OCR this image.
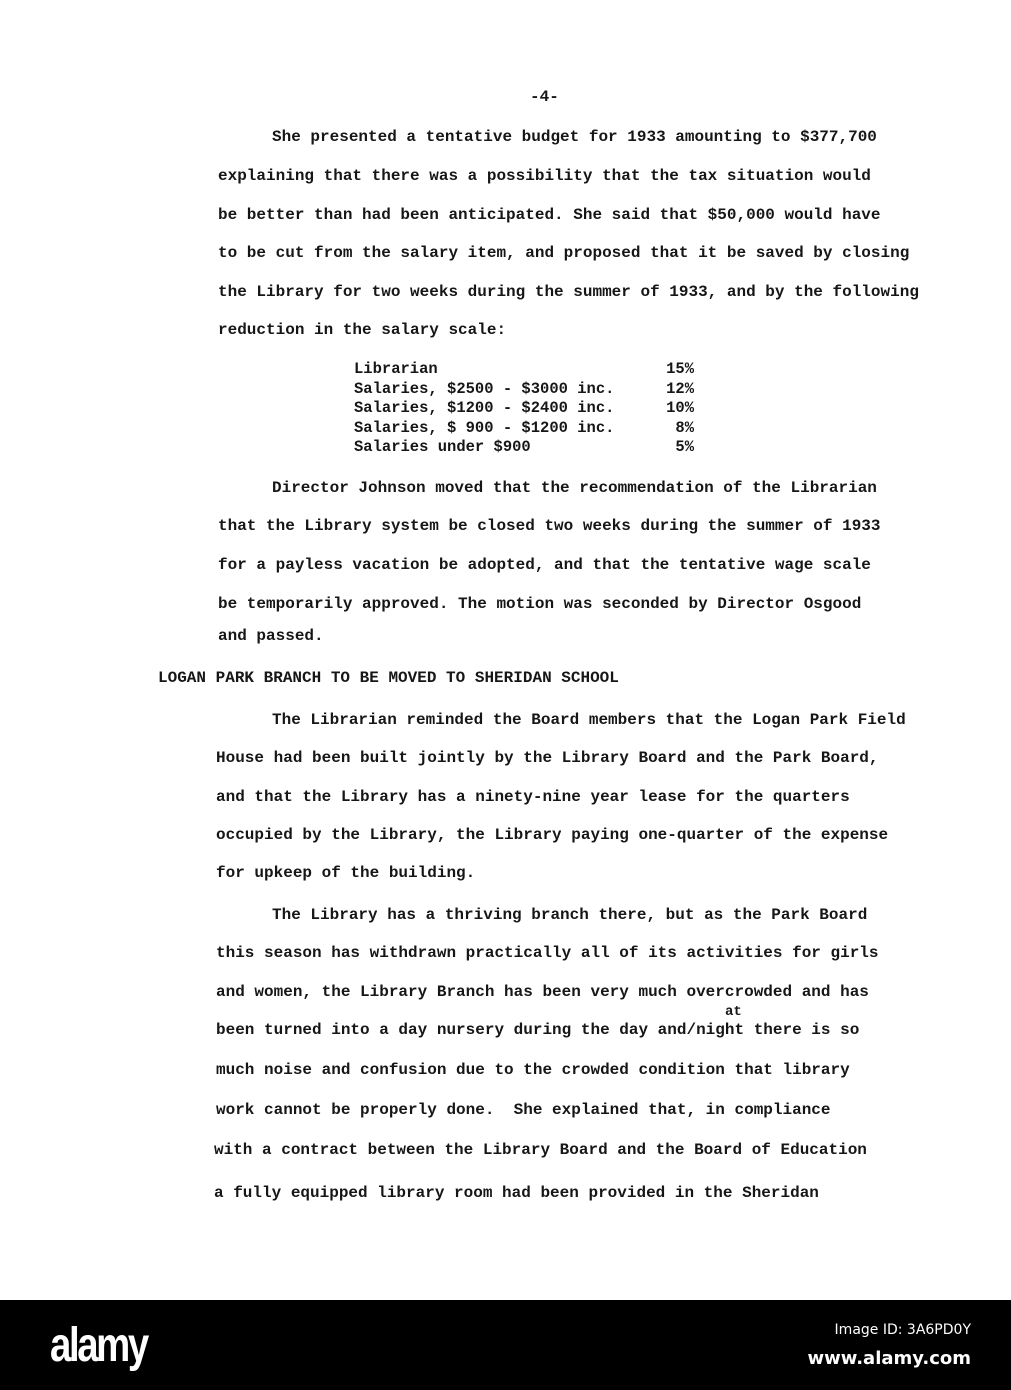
-4-
She presented a tentative budget for 1933 amounting to $377,700
explaining that there was a possibility that the tax situation would
be better than had been anticipated. She said that $50,000 would have
to be cut from the salary item, and proposed that it be saved by closing
the Library for two weeks during the summer of 1933, and by the following
reduction in the salary scale:
Librarian	15%
Salaries, $2500 - $3000 inc.	12%
Salaries, $1200 - $2400 inc.	10%
Salaries, $ 900 - $1200 inc.	8%
Salaries under $900	5%
Director Johnson moved that the recommendation of the Librarian
that the Library system be closed two weeks during the summer of 1933
for a payless vacation be adopted, and that the tentative wage scale
be temporarily approved. The motion was seconded by Director Osgood
and passed.
LOGAN PARK BRANCH TO BE MOVED TO SHERIDAN SCHOOL
The Librarian reminded the Board members that the Logan Park Field
House had been built jointly by the Library Board and the Park Board,
and that the Library has a ninety-nine year lease for the quarters
occupied by the Library, the Library paying one-quarter of the expense
for upkeep of the building.
The Library has a thriving branch there, but as the Park Board
this season has withdrawn practically all of its activities for girls
and women, the Library Branch has been very much overcrowded and has
at
been turned into a day nursery during the day and/night there is so
much noise and confusion due to the crowded condition that library
work cannot be properly done.  She explained that, in compliance
with a contract between the Library Board and the Board of Education
a fully equipped library room had been provided in the Sheridan
alamy	Image ID: 3A6PD0Y
www.alamy.com
